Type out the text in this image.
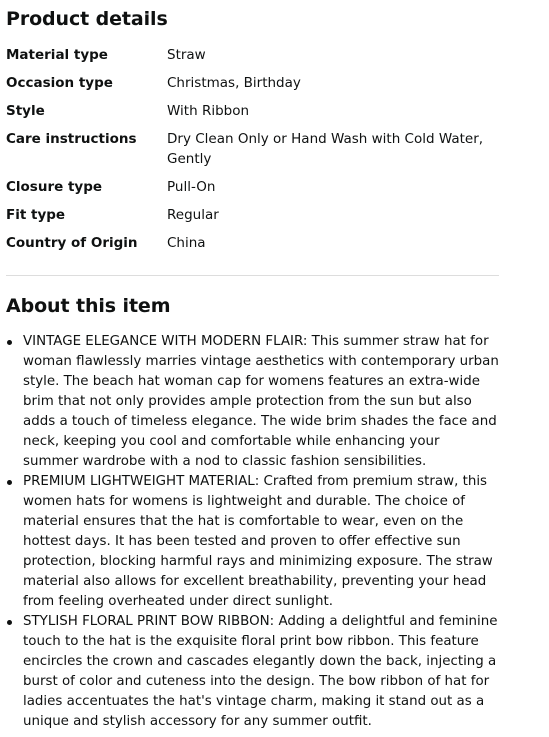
Product details
Material type	Straw
Occasion type	Christmas, Birthday
Style	With Ribbon
Care instructions	Dry Clean Only or Hand Wash with Cold Water, Gently
Closure type	Pull-On
Fit type	Regular
Country of Origin	China
About this item
VINTAGE ELEGANCE WITH MODERN FLAIR: This summer straw hat for woman flawlessly marries vintage aesthetics with contemporary urban style. The beach hat woman cap for womens features an extra-wide brim that not only provides ample protection from the sun but also adds a touch of timeless elegance. The wide brim shades the face and neck, keeping you cool and comfortable while enhancing your summer wardrobe with a nod to classic fashion sensibilities.
PREMIUM LIGHTWEIGHT MATERIAL: Crafted from premium straw, this women hats for womens is lightweight and durable. The choice of material ensures that the hat is comfortable to wear, even on the hottest days. It has been tested and proven to offer effective sun protection, blocking harmful rays and minimizing exposure. The straw material also allows for excellent breathability, preventing your head from feeling overheated under direct sunlight.
STYLISH FLORAL PRINT BOW RIBBON: Adding a delightful and feminine touch to the hat is the exquisite floral print bow ribbon. This feature encircles the crown and cascades elegantly down the back, injecting a burst of color and cuteness into the design. The bow ribbon of hat for ladies accentuates the hat's vintage charm, making it stand out as a unique and stylish accessory for any summer outfit.
